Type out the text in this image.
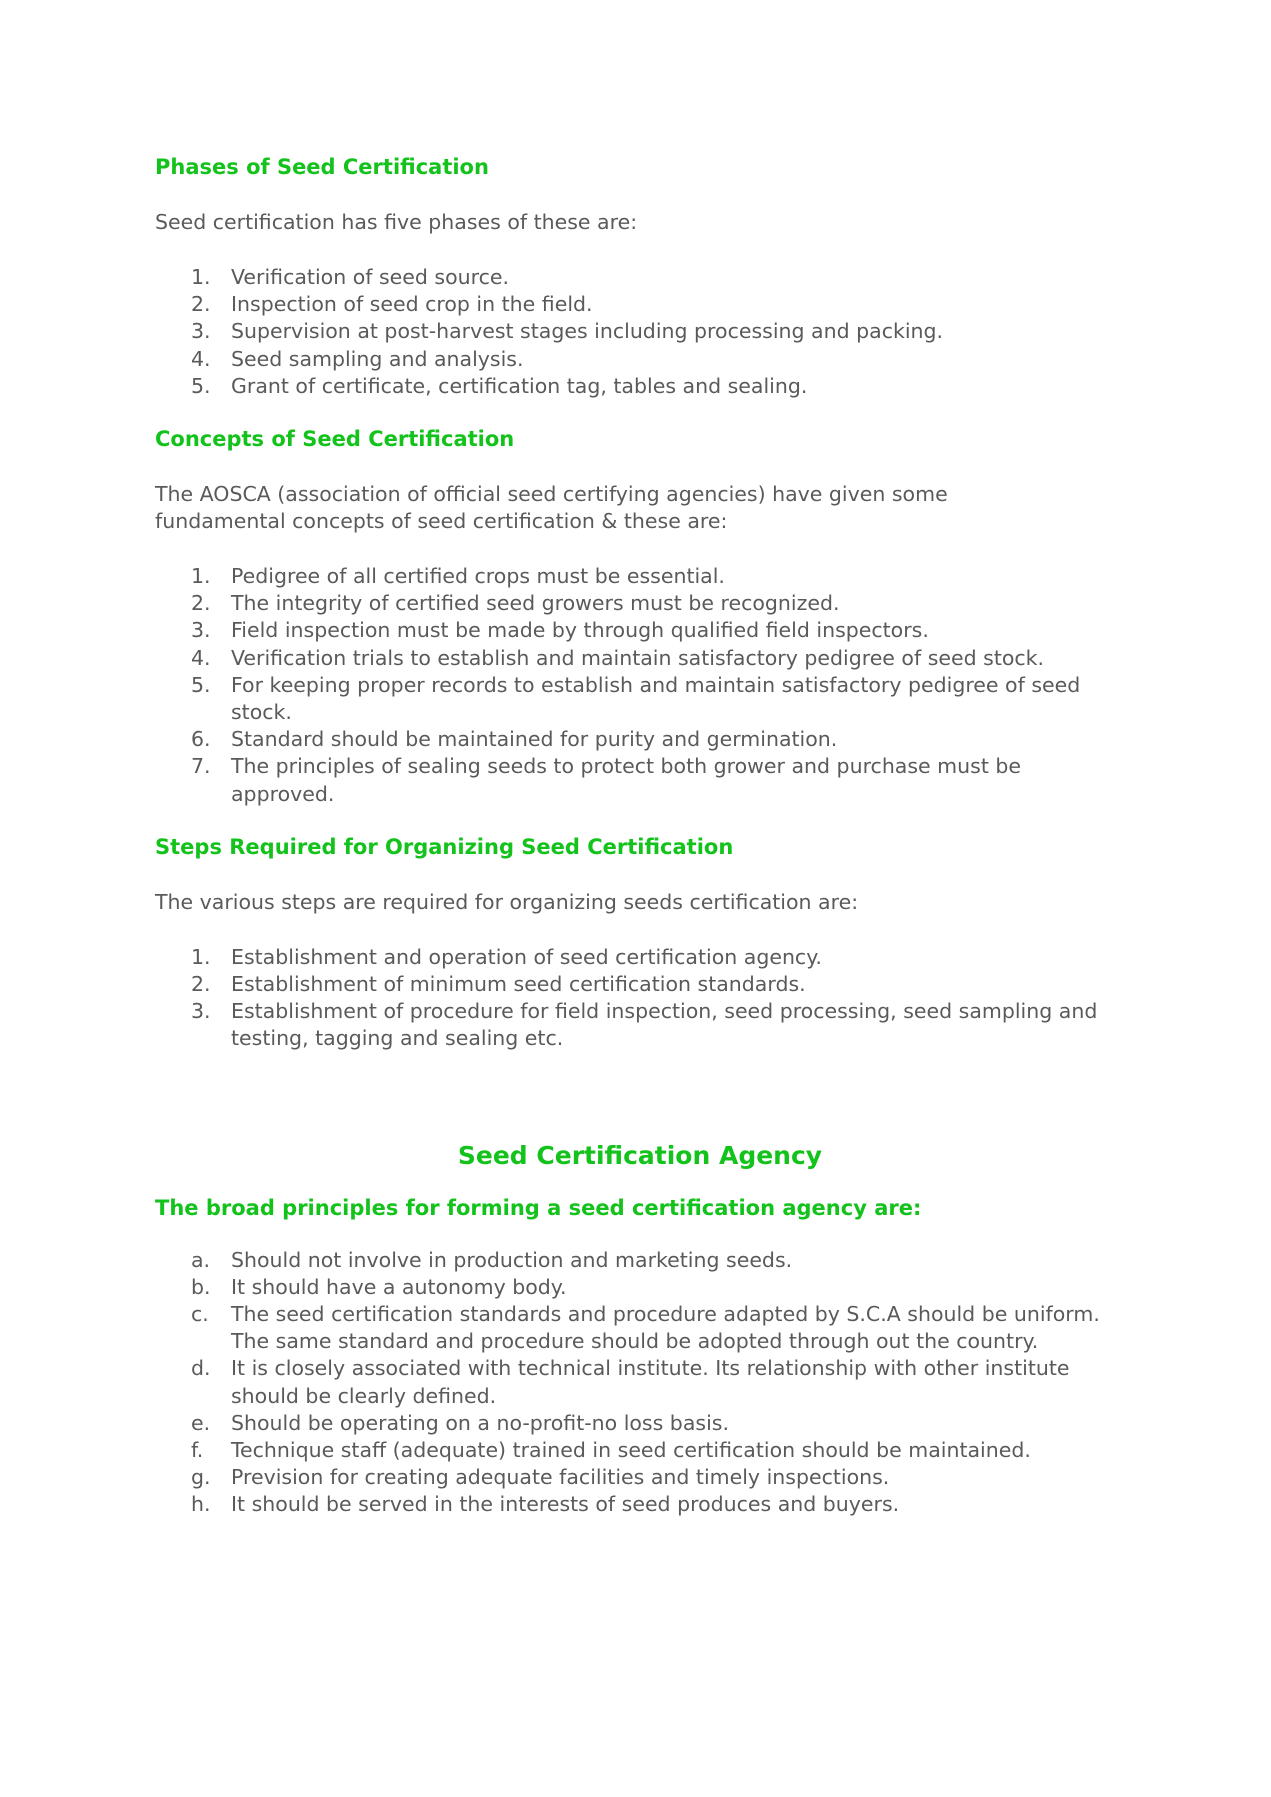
Phases of Seed Certification

Seed certification has five phases of these are:

1. Verification of seed source.
2. Inspection of seed crop in the field.
3. Supervision at post-harvest stages including processing and packing.
4. Seed sampling and analysis.
5. Grant of certificate, certification tag, tables and sealing.
Concepts of Seed Certification

The AOSCA (association of official seed certifying agencies) have given some fundamental concepts of seed certification & these are:

1. Pedigree of all certified crops must be essential.
2. The integrity of certified seed growers must be recognized.
3. Field inspection must be made by through qualified field inspectors.
4. Verification trials to establish and maintain satisfactory pedigree of seed stock.
5. For keeping proper records to establish and maintain satisfactory pedigree of seed stock.
6. Standard should be maintained for purity and germination.
7. The principles of sealing seeds to protect both grower and purchase must be approved.
Steps Required for Organizing Seed Certification

The various steps are required for organizing seeds certification are:

1. Establishment and operation of seed certification agency.
2. Establishment of minimum seed certification standards.
3. Establishment of procedure for field inspection, seed processing, seed sampling and testing, tagging and sealing etc.
Seed Certification Agency
The broad principles for forming a seed certification agency are:
a.	Should not involve in production and marketing seeds.
b. It should have a autonomy body.
c.	The seed certification standards and procedure adapted by S.C.A should be uniform. The same standard and procedure should be adopted through out the country.
d. It is closely associated with technical institute. Its relationship with other institute should be clearly defined.
e.	Should be operating on a no-profit-no loss basis.
f.	Technique staff (adequate) trained in seed certification should be maintained.
g. Prevision for creating adequate facilities and timely inspections.
h. It should be served in the interests of seed produces and buyers.
